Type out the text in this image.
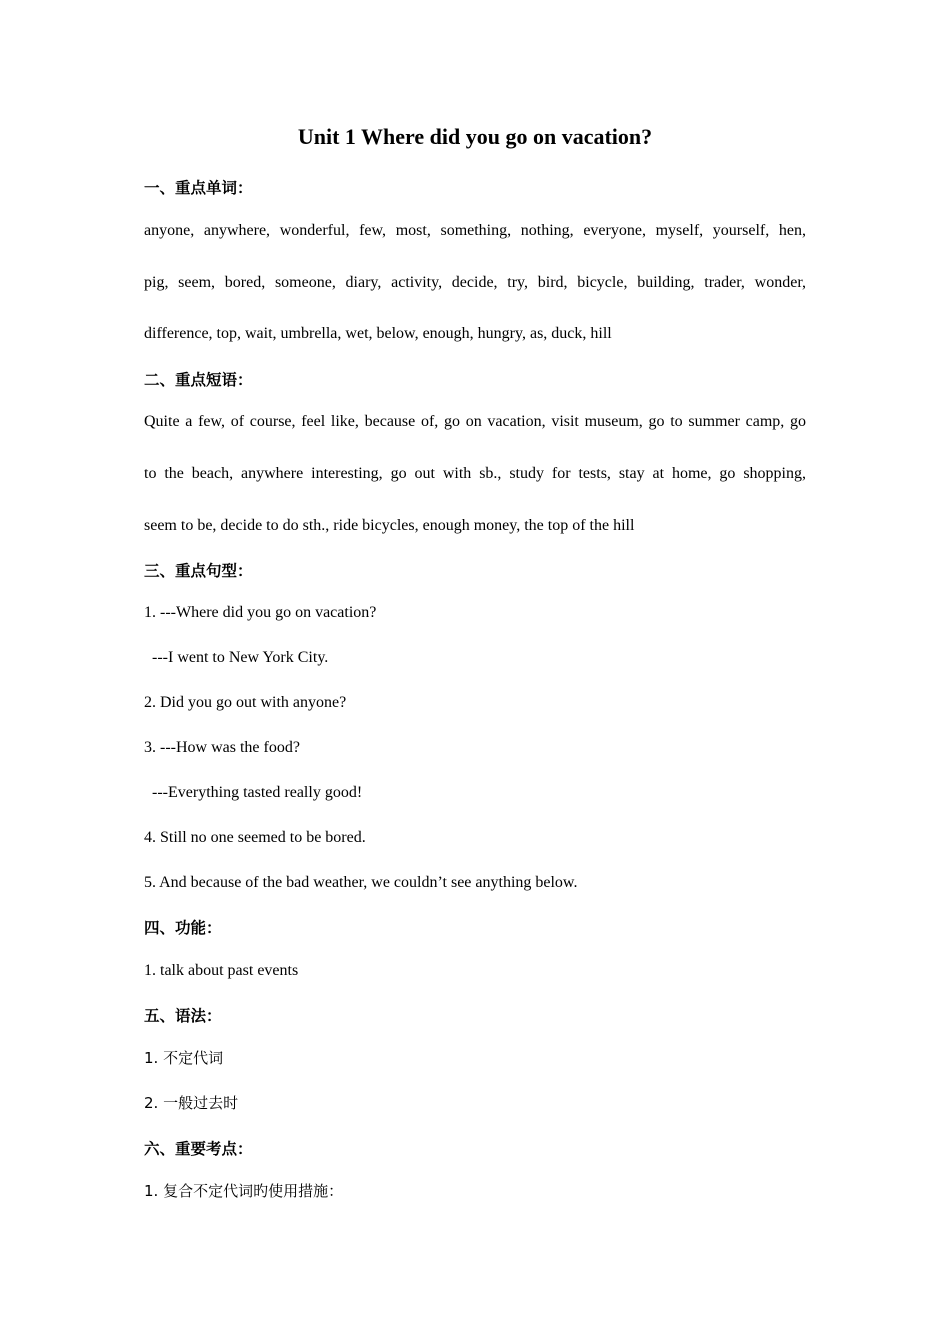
Unit 1 Where did you go on vacation?
一、重点单词：
anyone, anywhere, wonderful, few, most, something, nothing, everyone, myself, yourself, hen,
pig, seem, bored, someone, diary, activity, decide, try, bird, bicycle, building, trader, wonder,
difference, top, wait, umbrella, wet, below, enough, hungry, as, duck, hill
二、重点短语：
Quite a few, of course, feel like, because of, go on vacation, visit museum, go to summer camp, go
to the beach, anywhere interesting, go out with sb., study for tests, stay at home, go shopping,
seem to be, decide to do sth., ride bicycles, enough money, the top of the hill
三、重点句型：
1. ---Where did you go on vacation?
---I went to New York City.
2. Did you go out with anyone?
3. ---How was the food?
---Everything tasted really good!
4. Still no one seemed to be bored.
5. And because of the bad weather, we couldn’t see anything below.
四、功能：
1. talk about past events
五、语法：
1. 不定代词
2. 一般过去时
六、重要考点：
1. 复合不定代词旳使用措施：
